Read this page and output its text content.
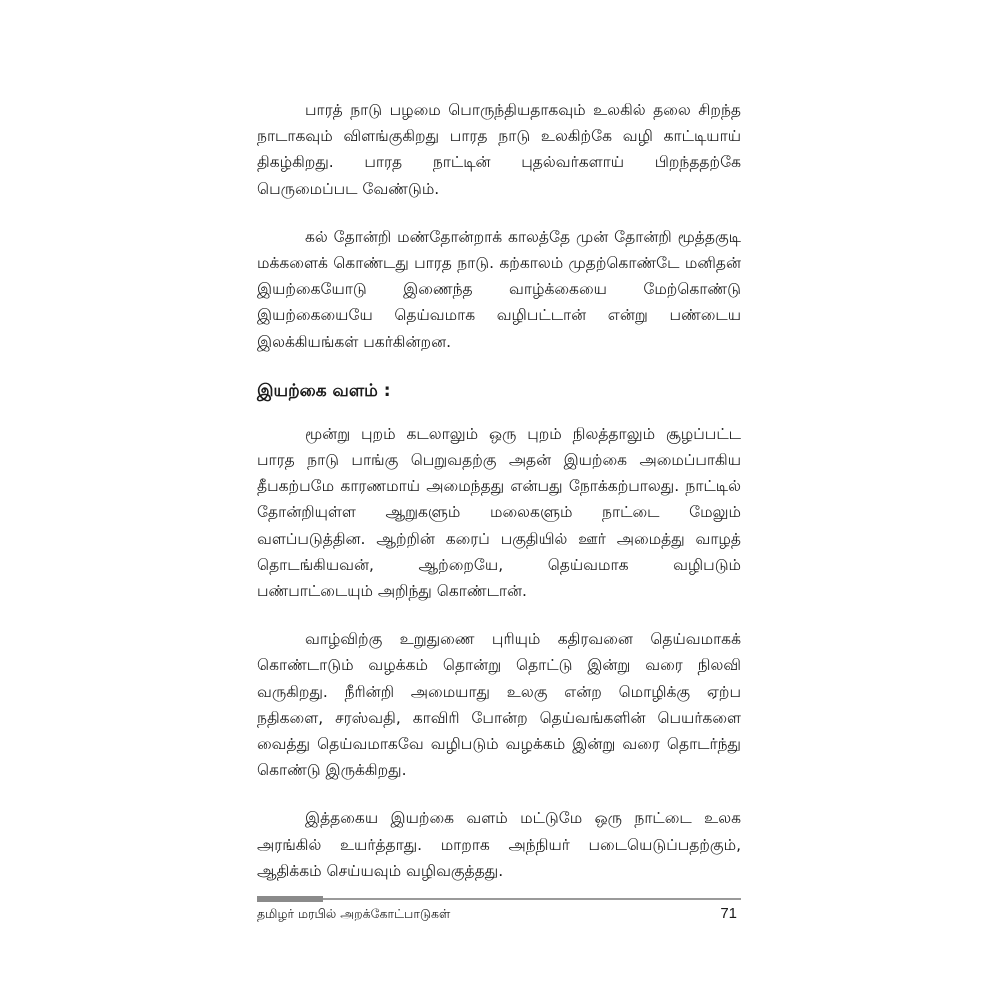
பாரத் நாடு பழமை பொருந்தியதாகவும் உலகில் தலை சிறந்த நாடாகவும் விளங்குகிறது பாரத நாடு உலகிற்கே வழி காட்டியாய் திகழ்கிறது. பாரத நாட்டின் புதல்வர்களாய் பிறந்ததற்கே பெருமைப்பட வேண்டும்.

கல் தோன்றி மண்தோன்றாக் காலத்தே முன் தோன்றி மூத்தகுடி மக்களைக் கொண்டது பாரத நாடு. கற்காலம் முதற்கொண்டே மனிதன் இயற்கையோடு இணைந்த வாழ்க்கையை மேற்கொண்டு இயற்கையையே தெய்வமாக வழிபட்டான் என்று பண்டைய இலக்கியங்கள் பகர்கின்றன.

இயற்கை வளம் :

மூன்று புறம் கடலாலும் ஒரு புறம் நிலத்தாலும் சூழப்பட்ட பாரத நாடு பாங்கு பெறுவதற்கு அதன் இயற்கை அமைப்பாகிய தீபகற்பமே காரணமாய் அமைந்தது என்பது நோக்கற்பாலது. நாட்டில் தோன்றியுள்ள ஆறுகளும் மலைகளும் நாட்டை மேலும் வளப்படுத்தின. ஆற்றின் கரைப் பகுதியில் ஊர் அமைத்து வாழத் தொடங்கியவன், ஆற்றையே, தெய்வமாக வழிபடும் பண்பாட்டையும் அறிந்து கொண்டான்.

வாழ்விற்கு உறுதுணை புரியும் கதிரவனை தெய்வமாகக் கொண்டாடும் வழக்கம் தொன்று தொட்டு இன்று வரை நிலவி வருகிறது. நீரின்றி அமையாது உலகு என்ற மொழிக்கு ஏற்ப நதிகளை, சரஸ்வதி, காவிரி போன்ற தெய்வங்களின் பெயர்களை வைத்து தெய்வமாகவே வழிபடும் வழக்கம் இன்று வரை தொடர்ந்து கொண்டு இருக்கிறது.

இத்தகைய இயற்கை வளம் மட்டுமே ஒரு நாட்டை உலக அரங்கில் உயர்த்தாது. மாறாக அந்நியர் படையெடுப்பதற்கும், ஆதிக்கம் செய்யவும் வழிவகுத்தது.

தமிழர் மரபில் அறக்கோட்பாடுகள்	71
